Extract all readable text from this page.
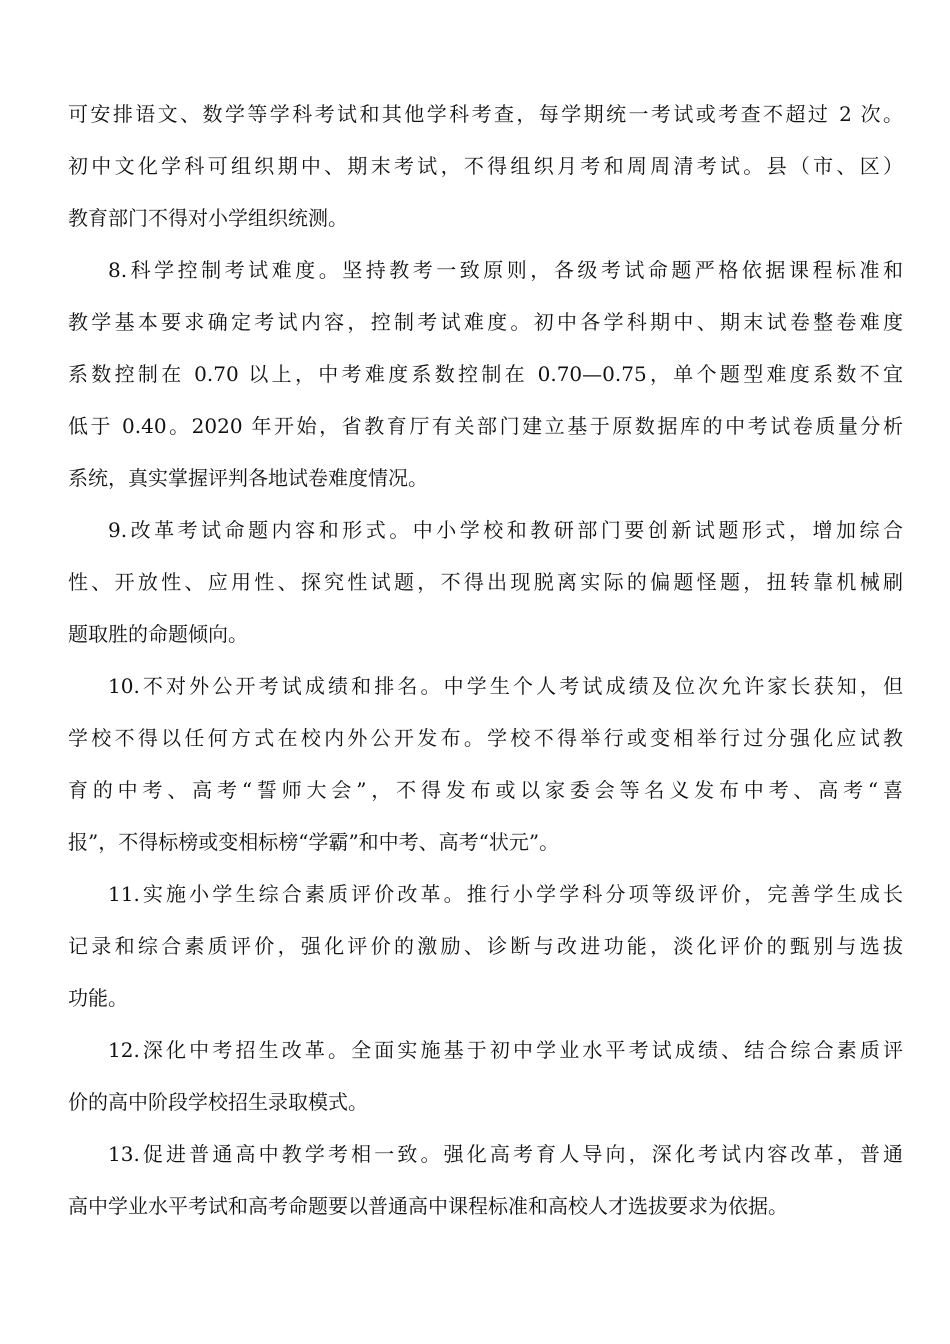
可安排语文、数学等学科考试和其他学科考查，每学期统一考试或考查不超过 2 次。
初中文化学科可组织期中、期末考试，不得组织月考和周周清考试。县（市、区）
教育部门不得对小学组织统测。

8.科学控制考试难度。坚持教考一致原则，各级考试命题严格依据课程标准和
教学基本要求确定考试内容，控制考试难度。初中各学科期中、期末试卷整卷难度
系数控制在 0.70 以上，中考难度系数控制在 0.70—0.75，单个题型难度系数不宜
低于 0.40。2020 年开始，省教育厅有关部门建立基于原数据库的中考试卷质量分析
系统，真实掌握评判各地试卷难度情况。

9.改革考试命题内容和形式。中小学校和教研部门要创新试题形式，增加综合
性、开放性、应用性、探究性试题，不得出现脱离实际的偏题怪题，扭转靠机械刷
题取胜的命题倾向。

10.不对外公开考试成绩和排名。中学生个人考试成绩及位次允许家长获知，但
学校不得以任何方式在校内外公开发布。学校不得举行或变相举行过分强化应试教
育的中考、高考“誓师大会”，不得发布或以家委会等名义发布中考、高考“喜
报”，不得标榜或变相标榜“学霸”和中考、高考“状元”。

11.实施小学生综合素质评价改革。推行小学学科分项等级评价，完善学生成长
记录和综合素质评价，强化评价的激励、诊断与改进功能，淡化评价的甄别与选拔
功能。

12.深化中考招生改革。全面实施基于初中学业水平考试成绩、结合综合素质评
价的高中阶段学校招生录取模式。

13.促进普通高中教学考相一致。强化高考育人导向，深化考试内容改革，普通
高中学业水平考试和高考命题要以普通高中课程标准和高校人才选拔要求为依据。
